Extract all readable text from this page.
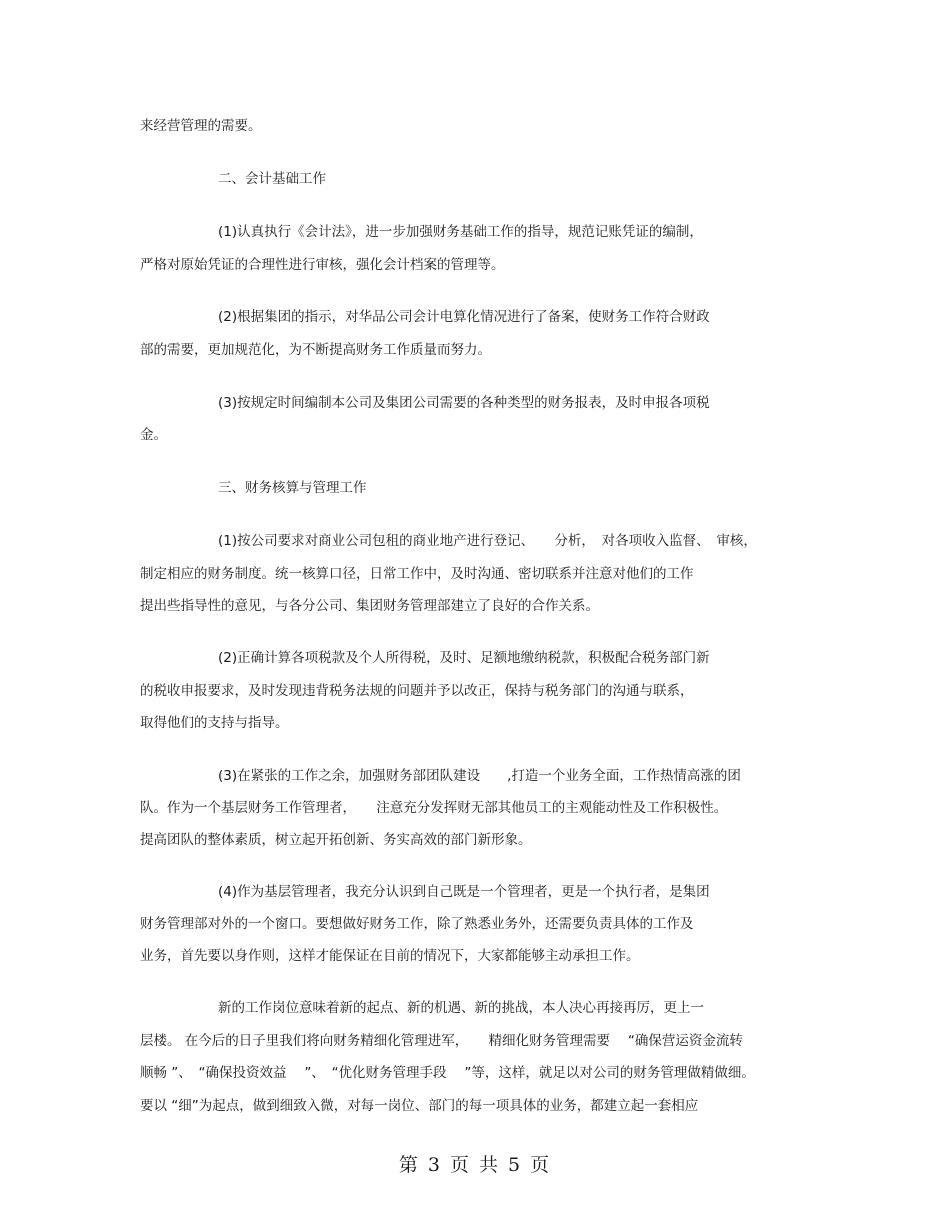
来经营管理的需要。
二、会计基础工作
(1)认真执行《会计法》，进一步加强财务基础工作的指导，规范记账凭证的编制，
严格对原始凭证的合理性进行审核，强化会计档案的管理等。
(2)根据集团的指示，对华品公司会计电算化情况进行了备案，使财务工作符合财政
部的需要，更加规范化，为不断提高财务工作质量而努力。
(3)按规定时间编制本公司及集团公司需要的各种类型的财务报表，及时申报各项税
金。
三、财务核算与管理工作
(1)按公司要求对商业公司包租的商业地产进行登记、　　分析，　对各项收入监督、　审核，
制定相应的财务制度。统一核算口径，日常工作中，及时沟通、密切联系并注意对他们的工作
提出些指导性的意见，与各分公司、集团财务管理部建立了良好的合作关系。
(2)正确计算各项税款及个人所得税，及时、足额地缴纳税款，积极配合税务部门新
的税收申报要求，及时发现违背税务法规的问题并予以改正，保持与税务部门的沟通与联系，
取得他们的支持与指导。
(3)在紧张的工作之余，加强财务部团队建设　　,打造一个业务全面，工作热情高涨的团
队。作为一个基层财务工作管理者，　　注意充分发挥财无部其他员工的主观能动性及工作积极性。
提高团队的整体素质，树立起开拓创新、务实高效的部门新形象。
(4)作为基层管理者，我充分认识到自己既是一个管理者，更是一个执行者，是集团
财务管理部对外的一个窗口。要想做好财务工作，除了熟悉业务外，还需要负责具体的工作及
业务，首先要以身作则，这样才能保证在目前的情况下，大家都能够主动承担工作。
新的工作岗位意味着新的起点、新的机遇、新的挑战，本人决心再接再厉，更上一
层楼。 在今后的日子里我们将向财务精细化管理进军，　　精细化财务管理需要　 “确保营运资金流转
顺畅 ”、　“确保投资效益　 ”、　“优化财务管理手段　 ”等，这样，就足以对公司的财务管理做精做细。
要以 “细”为起点，做到细致入微，对每一岗位、部门的每一项具体的业务，都建立起一套相应
第 3 页 共 5 页
